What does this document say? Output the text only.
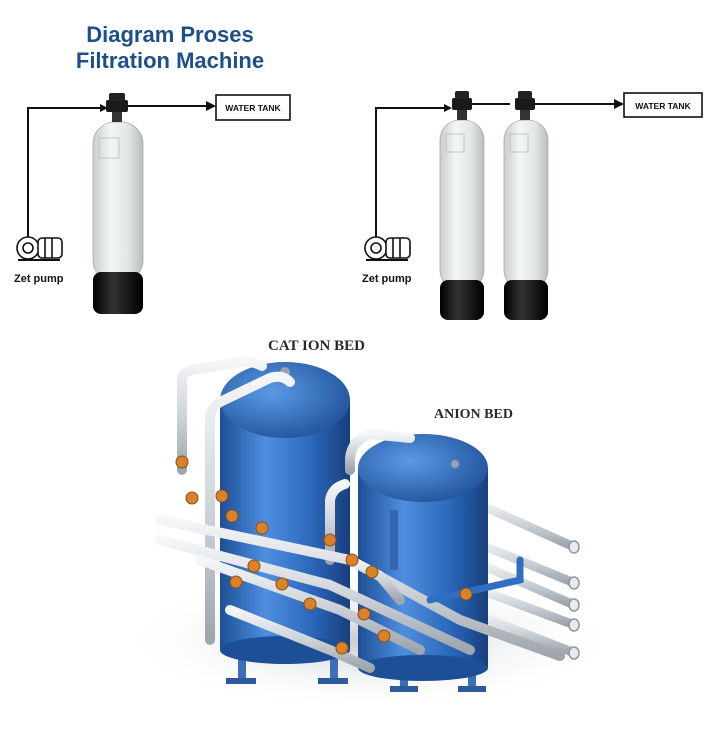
Diagram Proses
Filtration Machine
Zet pump
WATER TANK
Zet pump
WATER TANK
CAT ION BED
ANION BED
